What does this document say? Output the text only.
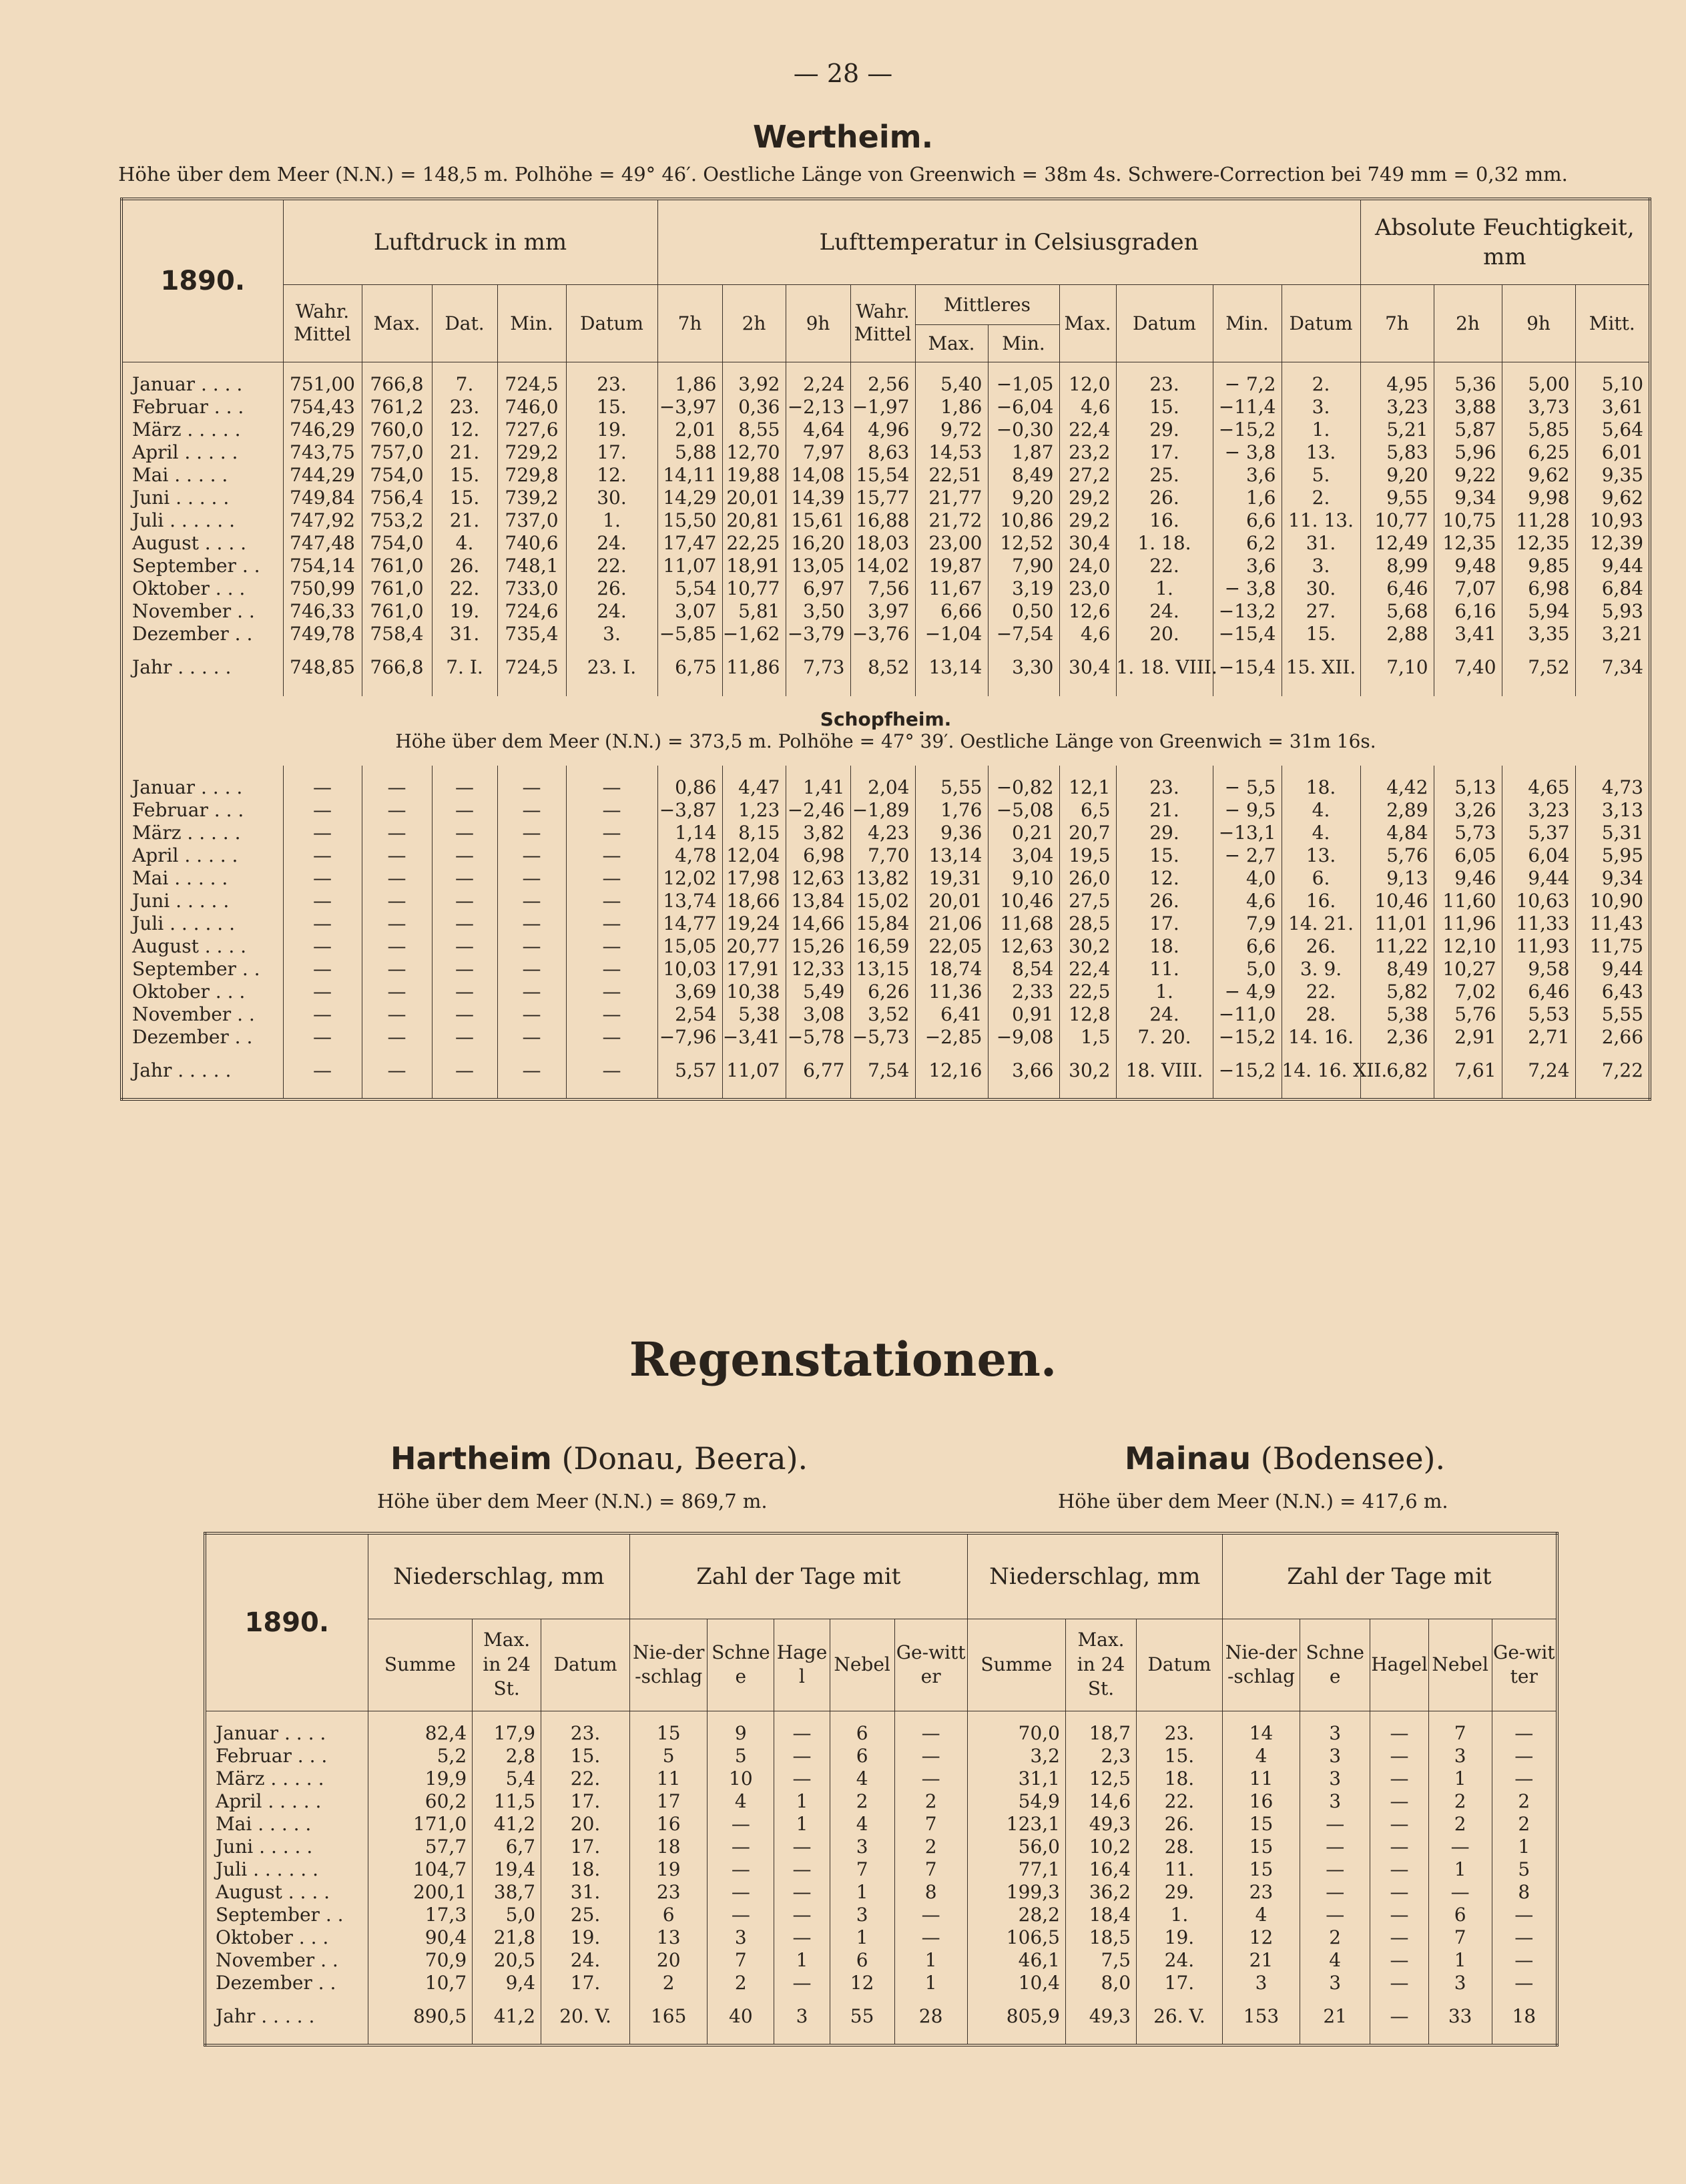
— 28 —
Wertheim.
Höhe über dem Meer (N.N.) = 148,5 m. Polhöhe = 49° 46′. Oestliche Länge von Greenwich = 38m 4s. Schwere-Correction bei 749 mm = 0,32 mm.
1890.	Luftdruck in mm					Lufttemperatur in Celsiusgraden										Absolute Feuchtigkeit, mm			
	Wahr. Mittel	Max.	Dat.	Min.	Datum	7h	2h	9h	Wahr. Mittel	Mittleres		Max.	Datum	Min.	Datum	7h	2h	9h	Mitt.
										Max.	Min.								

Januar . . . .	751,00	766,8	7.	724,5	23.	1,86	3,92	2,24	2,56	5,40	−1,05	12,0	23.	− 7,2	2.	4,95	5,36	5,00	5,10
Februar . . .	754,43	761,2	23.	746,0	15.	−3,97	0,36	−2,13	−1,97	1,86	−6,04	4,6	15.	−11,4	3.	3,23	3,88	3,73	3,61
März . . . . .	746,29	760,0	12.	727,6	19.	2,01	8,55	4,64	4,96	9,72	−0,30	22,4	29.	−15,2	1.	5,21	5,87	5,85	5,64
April . . . . .	743,75	757,0	21.	729,2	17.	5,88	12,70	7,97	8,63	14,53	1,87	23,2	17.	− 3,8	13.	5,83	5,96	6,25	6,01
Mai . . . . .	744,29	754,0	15.	729,8	12.	14,11	19,88	14,08	15,54	22,51	8,49	27,2	25.	3,6	5.	9,20	9,22	9,62	9,35
Juni . . . . .	749,84	756,4	15.	739,2	30.	14,29	20,01	14,39	15,77	21,77	9,20	29,2	26.	1,6	2.	9,55	9,34	9,98	9,62
Juli . . . . . .	747,92	753,2	21.	737,0	1.	15,50	20,81	15,61	16,88	21,72	10,86	29,2	16.	6,6	11. 13.	10,77	10,75	11,28	10,93
August . . . .	747,48	754,0	4.	740,6	24.	17,47	22,25	16,20	18,03	23,00	12,52	30,4	1. 18.	6,2	31.	12,49	12,35	12,35	12,39
September . .	754,14	761,0	26.	748,1	22.	11,07	18,91	13,05	14,02	19,87	7,90	24,0	22.	3,6	3.	8,99	9,48	9,85	9,44
Oktober . . .	750,99	761,0	22.	733,0	26.	5,54	10,77	6,97	7,56	11,67	3,19	23,0	1.	− 3,8	30.	6,46	7,07	6,98	6,84
November . .	746,33	761,0	19.	724,6	24.	3,07	5,81	3,50	3,97	6,66	0,50	12,6	24.	−13,2	27.	5,68	6,16	5,94	5,93
Dezember . .	749,78	758,4	31.	735,4	3.	−5,85	−1,62	−3,79	−3,76	−1,04	−7,54	4,6	20.	−15,4	15.	2,88	3,41	3,35	3,21

Jahr . . . . .	748,85	766,8	7. I.	724,5	23. I.	6,75	11,86	7,73	8,52	13,14	3,30	30,4	1. 18. VIII.	−15,4	15. XII.	7,10	7,40	7,52	7,34

Schopfheim.																			
Höhe über dem Meer (N.N.) = 373,5 m. Polhöhe = 47° 39′. Oestliche Länge von Greenwich = 31m 16s.																			

Januar . . . .	—	—	—	—	—	0,86	4,47	1,41	2,04	5,55	−0,82	12,1	23.	− 5,5	18.	4,42	5,13	4,65	4,73
Februar . . .	—	—	—	—	—	−3,87	1,23	−2,46	−1,89	1,76	−5,08	6,5	21.	− 9,5	4.	2,89	3,26	3,23	3,13
März . . . . .	—	—	—	—	—	1,14	8,15	3,82	4,23	9,36	0,21	20,7	29.	−13,1	4.	4,84	5,73	5,37	5,31
April . . . . .	—	—	—	—	—	4,78	12,04	6,98	7,70	13,14	3,04	19,5	15.	− 2,7	13.	5,76	6,05	6,04	5,95
Mai . . . . .	—	—	—	—	—	12,02	17,98	12,63	13,82	19,31	9,10	26,0	12.	4,0	6.	9,13	9,46	9,44	9,34
Juni . . . . .	—	—	—	—	—	13,74	18,66	13,84	15,02	20,01	10,46	27,5	26.	4,6	16.	10,46	11,60	10,63	10,90
Juli . . . . . .	—	—	—	—	—	14,77	19,24	14,66	15,84	21,06	11,68	28,5	17.	7,9	14. 21.	11,01	11,96	11,33	11,43
August . . . .	—	—	—	—	—	15,05	20,77	15,26	16,59	22,05	12,63	30,2	18.	6,6	26.	11,22	12,10	11,93	11,75
September . .	—	—	—	—	—	10,03	17,91	12,33	13,15	18,74	8,54	22,4	11.	5,0	3. 9.	8,49	10,27	9,58	9,44
Oktober . . .	—	—	—	—	—	3,69	10,38	5,49	6,26	11,36	2,33	22,5	1.	− 4,9	22.	5,82	7,02	6,46	6,43
November . .	—	—	—	—	—	2,54	5,38	3,08	3,52	6,41	0,91	12,8	24.	−11,0	28.	5,38	5,76	5,53	5,55
Dezember . .	—	—	—	—	—	−7,96	−3,41	−5,78	−5,73	−2,85	−9,08	1,5	7. 20.	−15,2	14. 16.	2,36	2,91	2,71	2,66

Jahr . . . . .	—	—	—	—	—	5,57	11,07	6,77	7,54	12,16	3,66	30,2	18. VIII.	−15,2	14. 16. XII.	6,82	7,61	7,24	7,22

Regenstationen.
Hartheim (Donau, Beera).
Höhe über dem Meer (N.N.) = 869,7 m.
Mainau (Bodensee).
Höhe über dem Meer (N.N.) = 417,6 m.
1890.	Niederschlag, mm			Zahl der Tage mit					Niederschlag, mm			Zahl der Tage mit				
	Summe	Max. in 24 St.	Datum	Nie-der-schlag	Schnee	Hagel	Nebel	Ge-witter	Summe	Max. in 24 St.	Datum	Nie-der-schlag	Schnee	Hagel	Nebel	Ge-witter

Januar . . . .	82,4	17,9	23.	15	9	—	6	—	70,0	18,7	23.	14	3	—	7	—
Februar . . .	5,2	2,8	15.	5	5	—	6	—	3,2	2,3	15.	4	3	—	3	—
März . . . . .	19,9	5,4	22.	11	10	—	4	—	31,1	12,5	18.	11	3	—	1	—
April . . . . .	60,2	11,5	17.	17	4	1	2	2	54,9	14,6	22.	16	3	—	2	2
Mai . . . . .	171,0	41,2	20.	16	—	1	4	7	123,1	49,3	26.	15	—	—	2	2
Juni . . . . .	57,7	6,7	17.	18	—	—	3	2	56,0	10,2	28.	15	—	—	—	1
Juli . . . . . .	104,7	19,4	18.	19	—	—	7	7	77,1	16,4	11.	15	—	—	1	5
August . . . .	200,1	38,7	31.	23	—	—	1	8	199,3	36,2	29.	23	—	—	—	8
September . .	17,3	5,0	25.	6	—	—	3	—	28,2	18,4	1.	4	—	—	6	—
Oktober . . .	90,4	21,8	19.	13	3	—	1	—	106,5	18,5	19.	12	2	—	7	—
November . .	70,9	20,5	24.	20	7	1	6	1	46,1	7,5	24.	21	4	—	1	—
Dezember . .	10,7	9,4	17.	2	2	—	12	1	10,4	8,0	17.	3	3	—	3	—

Jahr . . . . .	890,5	41,2	20. V.	165	40	3	55	28	805,9	49,3	26. V.	153	21	—	33	18
